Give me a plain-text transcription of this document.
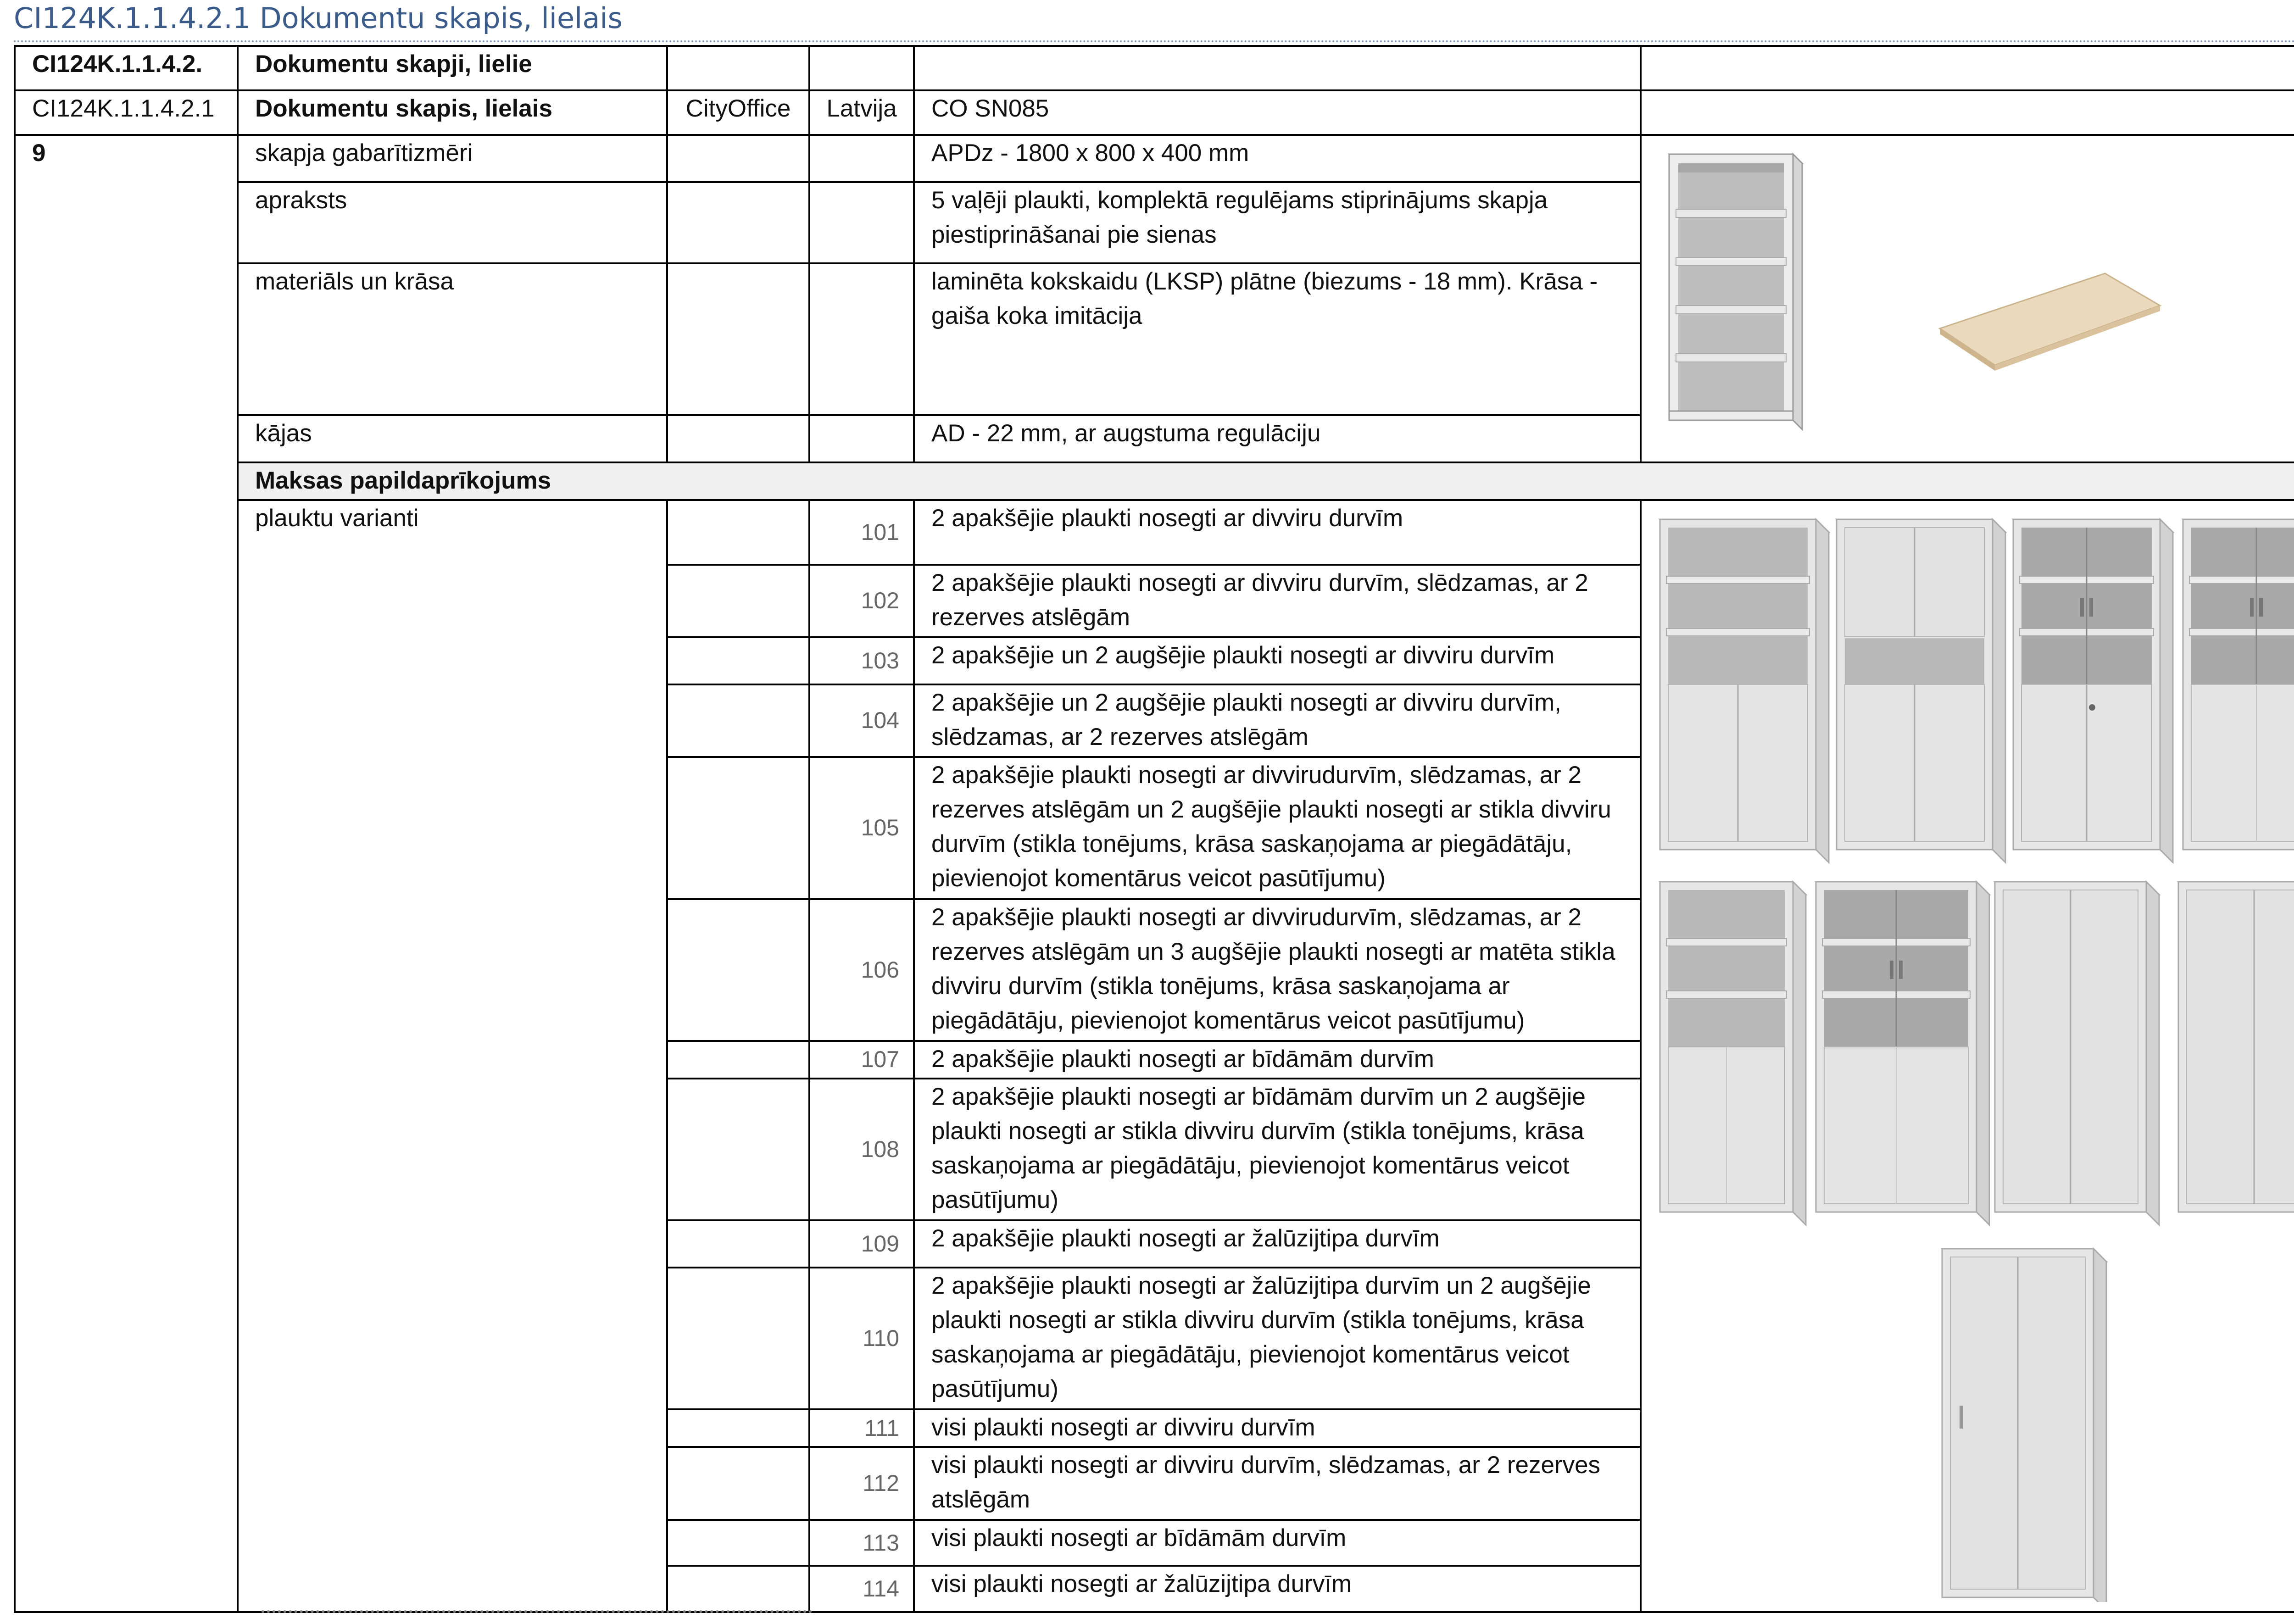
CI124K.1.1.4.2.1 Dokumentu skapis, lielais
CI124K.1.1.4.2.	Dokumentu skapji, lielie				
CI124K.1.1.4.2.1	Dokumentu skapis, lielais	CityOffice	Latvija	CO SN085	
9	skapja gabarītizmēri			APDz - 1800 x 800 x 400 mm	
	apraksts			5 vaļēji plaukti, komplektā regulējams stiprinājums skapja piestiprināšanai pie sienas	
	materiāls un krāsa			laminēta kokskaidu (LKSP) plātne (biezums - 18 mm). Krāsa - gaiša koka imitācija	
	kājas			AD - 22 mm, ar augstuma regulāciju	
	Maksas papildaprīkojums				
	plauktu varianti		101	2 apakšējie plaukti nosegti ar divviru durvīm	
			102	2 apakšējie plaukti nosegti ar divviru durvīm, slēdzamas, ar 2 rezerves atslēgām	
			103	2 apakšējie un 2 augšējie plaukti nosegti ar divviru durvīm	
			104	2 apakšējie un 2 augšējie plaukti nosegti ar divviru durvīm, slēdzamas, ar 2 rezerves atslēgām	
			105	2 apakšējie plaukti nosegti ar divvirudurvīm, slēdzamas, ar 2 rezerves atslēgām un 2 augšējie plaukti nosegti ar stikla divviru durvīm (stikla tonējums, krāsa saskaņojama ar piegādātāju, pievienojot komentārus veicot pasūtījumu)	
			106	2 apakšējie plaukti nosegti ar divvirudurvīm, slēdzamas, ar 2 rezerves atslēgām un 3 augšējie plaukti nosegti ar matēta stikla divviru durvīm (stikla tonējums, krāsa saskaņojama ar piegādātāju, pievienojot komentārus veicot pasūtījumu)	
			107	2 apakšējie plaukti nosegti ar bīdāmām durvīm	
			108	2 apakšējie plaukti nosegti ar bīdāmām durvīm un 2 augšējie plaukti nosegti ar stikla divviru durvīm (stikla tonējums, krāsa saskaņojama ar piegādātāju, pievienojot komentārus veicot pasūtījumu)	
			109	2 apakšējie plaukti nosegti ar žalūzijtipa durvīm	
			110	2 apakšējie plaukti nosegti ar žalūzijtipa durvīm un 2 augšējie plaukti nosegti ar stikla divviru durvīm (stikla tonējums, krāsa saskaņojama ar piegādātāju, pievienojot komentārus veicot pasūtījumu)	
			111	visi plaukti nosegti ar divviru durvīm	
			112	visi plaukti nosegti ar divviru durvīm, slēdzamas, ar 2 rezerves atslēgām	
			113	visi plaukti nosegti ar bīdāmām durvīm	
			114	visi plaukti nosegti ar žalūzijtipa durvīm	
